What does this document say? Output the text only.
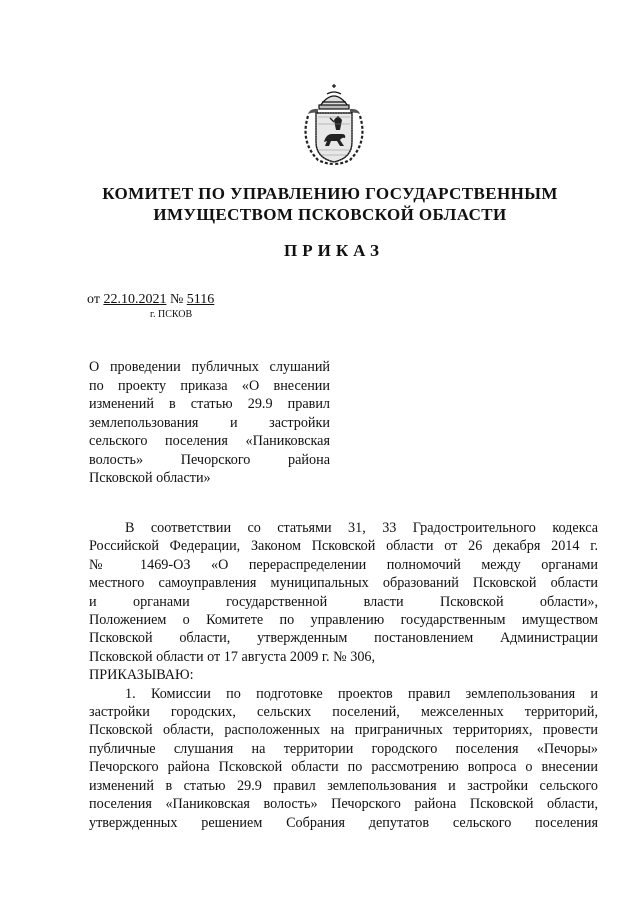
КОМИТЕТ ПО УПРАВЛЕНИЮ ГОСУДАРСТВЕННЫМ
ИМУЩЕСТВОМ ПСКОВСКОЙ ОБЛАСТИ
ПРИКАЗ
от 22.10.2021 № 5116
г. ПСКОВ
О проведении публичных слушаний
по проекту приказа «О внесении
изменений в статью 29.9 правил
землепользования и застройки
сельского поселения «Паниковская
волость» Печорского района
Псковской области»
В соответствии со статьями 31, 33 Градостроительного кодекса
Российской Федерации, Законом Псковской области от 26 декабря 2014 г.
№ 1469-ОЗ «О перераспределении полномочий между органами
местного самоуправления муниципальных образований Псковской области
и органами государственной власти Псковской области»,
Положением о Комитете по управлению государственным имуществом
Псковской области, утвержденным постановлением Администрации
Псковской области от 17 августа 2009 г. № 306,
ПРИКАЗЫВАЮ:
1. Комиссии по подготовке проектов правил землепользования и
застройки городских, сельских поселений, межселенных территорий,
Псковской области, расположенных на приграничных территориях, провести
публичные слушания на территории городского поселения «Печоры»
Печорского района Псковской области по рассмотрению вопроса о внесении
изменений в статью 29.9 правил землепользования и застройки сельского
поселения «Паниковская волость» Печорского района Псковской области,
утвержденных решением Собрания депутатов сельского поселения
